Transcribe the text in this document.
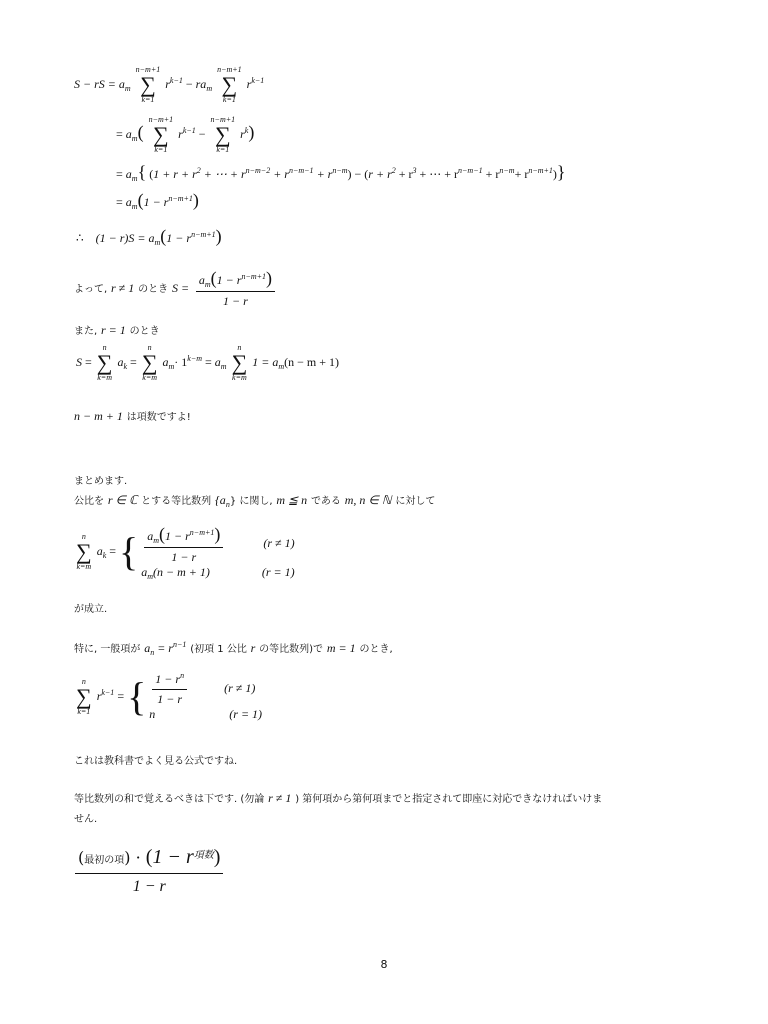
S − rS = $a_m$
n−m+1
∑
k=1
$r^{k-1} - ra_m$
n−m+1
∑
k=1
$r^{k-1}$
= $a_m$(
n−m+1
∑
k=1
$r^{k-1}$ −
n−m+1
∑
k=1
$r^k$)
= $a_m${ ($1 + r + r^2$ + ⋯ + $r^{n-m-2} + r^{n-m-1} + r^{n-m}) - (r + r^2 + r^3$ + ⋯ + $r^{n-m-1} + r^{n-m}+ r^{n-m+1}$)}
= $a_m(1 - r^{n-m+1})$
∴ $(1 - r)S = a_m(1 - r^{n-m+1})$
よって, r ≠ 1 のとき $S = \frac{a_m(1 - r^{n-m+1})}{1 - r}$
また, r = 1 のとき
S =
n
∑
k=m
$a_k$ =
n
∑
k=m
$a_m\cdot 1^{k-m} = a_m$
n
∑
k=m
$1 = a_m(n - m + 1)$
n − m + 1 は項数ですよ!
まとめます.
公比を r ∈ ℂ とする等比数列 $\{a_n\}$ に関し, m ≦ n である m, n ∈ ℕ に対して
n
∑
k=m
$a_k$ = { $\frac{a_m(1 - r^{n-m+1})}{1 - r}$	(r ≠ 1)
$a_m(n - m + 1)$	(r = 1)
が成立.
特に, 一般項が $a_n = r^{n-1}$ (初項 1 公比 r の等比数列)で m = 1 のとき,
n
∑
k=1
$r^{k-1}$ = { $\frac{1 - r^n}{1 - r}$	(r ≠ 1)
n	(r = 1)
これは教科書でよく見る公式ですね.
等比数列の和で覚えるべきは下です. (勿論 r ≠ 1 ) 第何項から第何項までと指定されて即座に対応できなければいけま
せん.
$\frac{(最初の項) \cdot (1 - r^{項数})}{1 - r}$
8
